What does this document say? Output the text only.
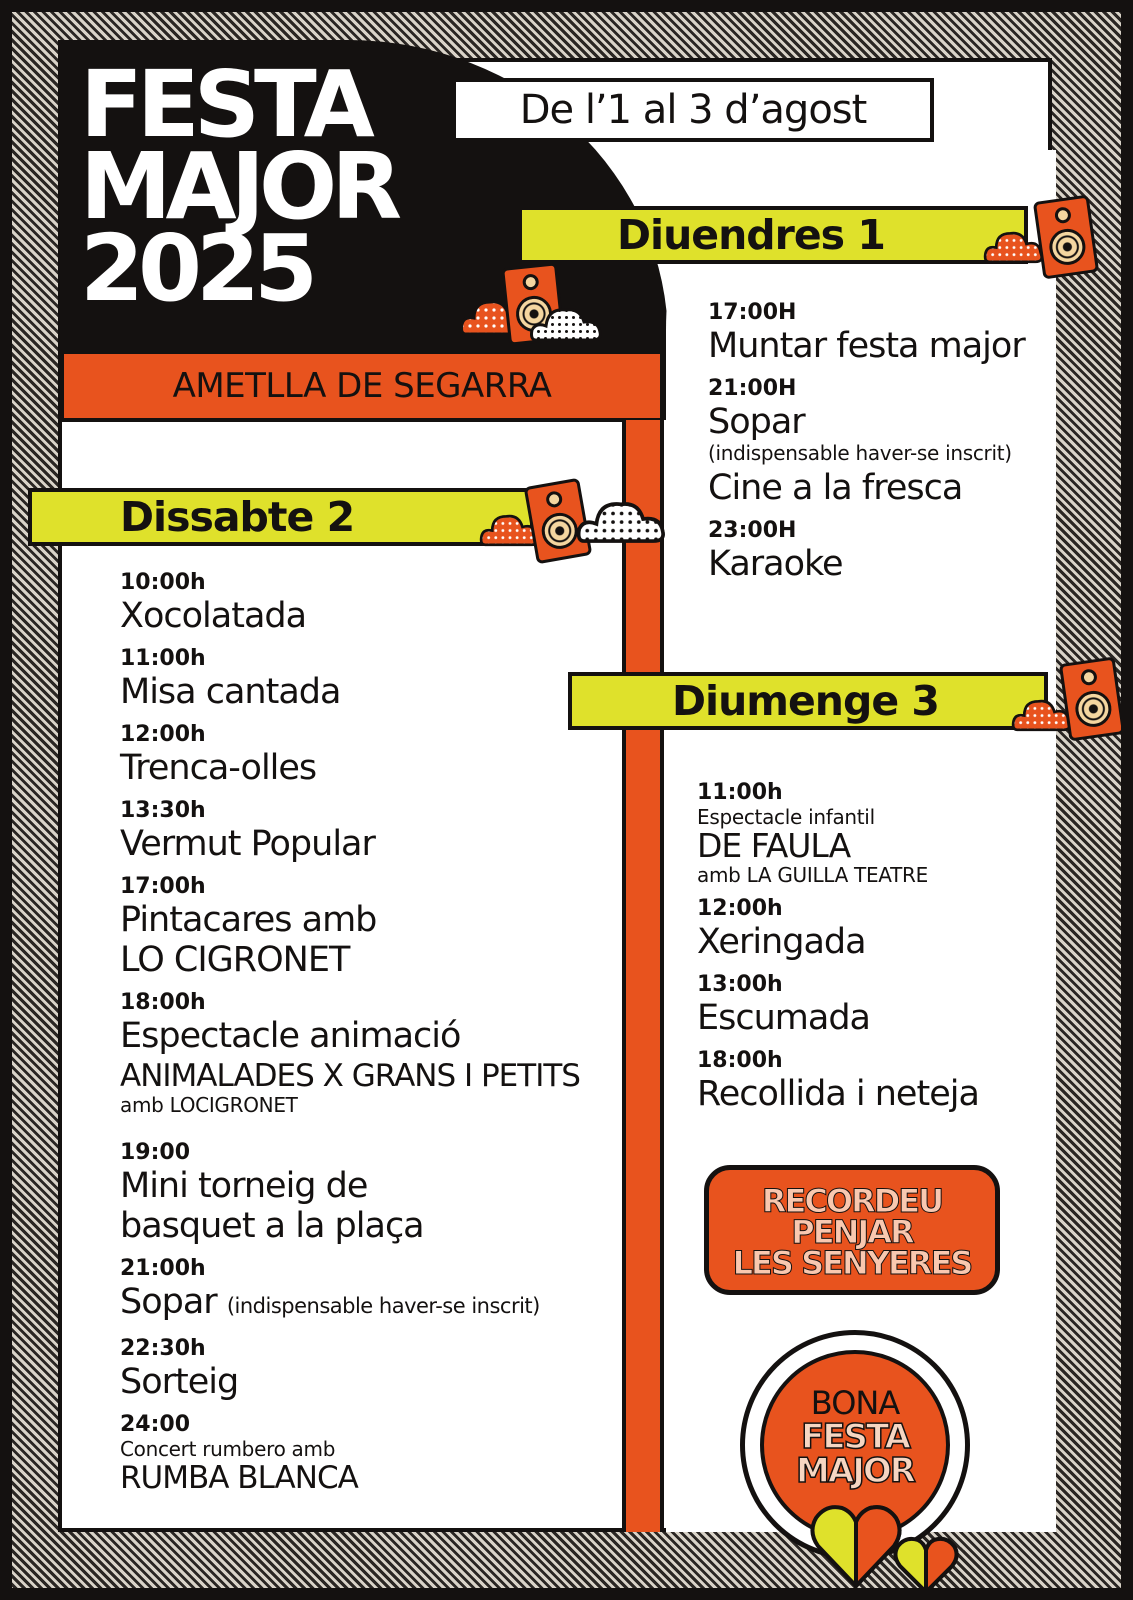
FESTA
MAJOR
2025
De l’1 al 3 d’agost
AMETLLA DE SEGARRA
Diuendres 1
17:00H
Muntar festa major
21:00H
Sopar
(indispensable haver-se inscrit)
Cine a la fresca
23:00H
Karaoke
Dissabte 2
10:00h
Xocolatada
11:00h
Misa cantada
12:00h
Trenca-olles
13:30h
Vermut Popular
17:00h
Pintacares amb
LO CIGRONET
18:00h
Espectacle animació
ANIMALADES X GRANS I PETITS
amb LOCIGRONET
19:00
Mini torneig de
basquet a la plaça
21:00h
Sopar (indispensable haver-se inscrit)
22:30h
Sorteig
24:00
Concert rumbero amb
RUMBA BLANCA
Diumenge 3
11:00h
Espectacle infantil
DE FAULA
amb LA GUILLA TEATRE
12:00h
Xeringada
13:00h
Escumada
18:00h
Recollida i neteja
RECORDEU
PENJAR
LES SENYERES
BONA
FESTA
MAJOR
